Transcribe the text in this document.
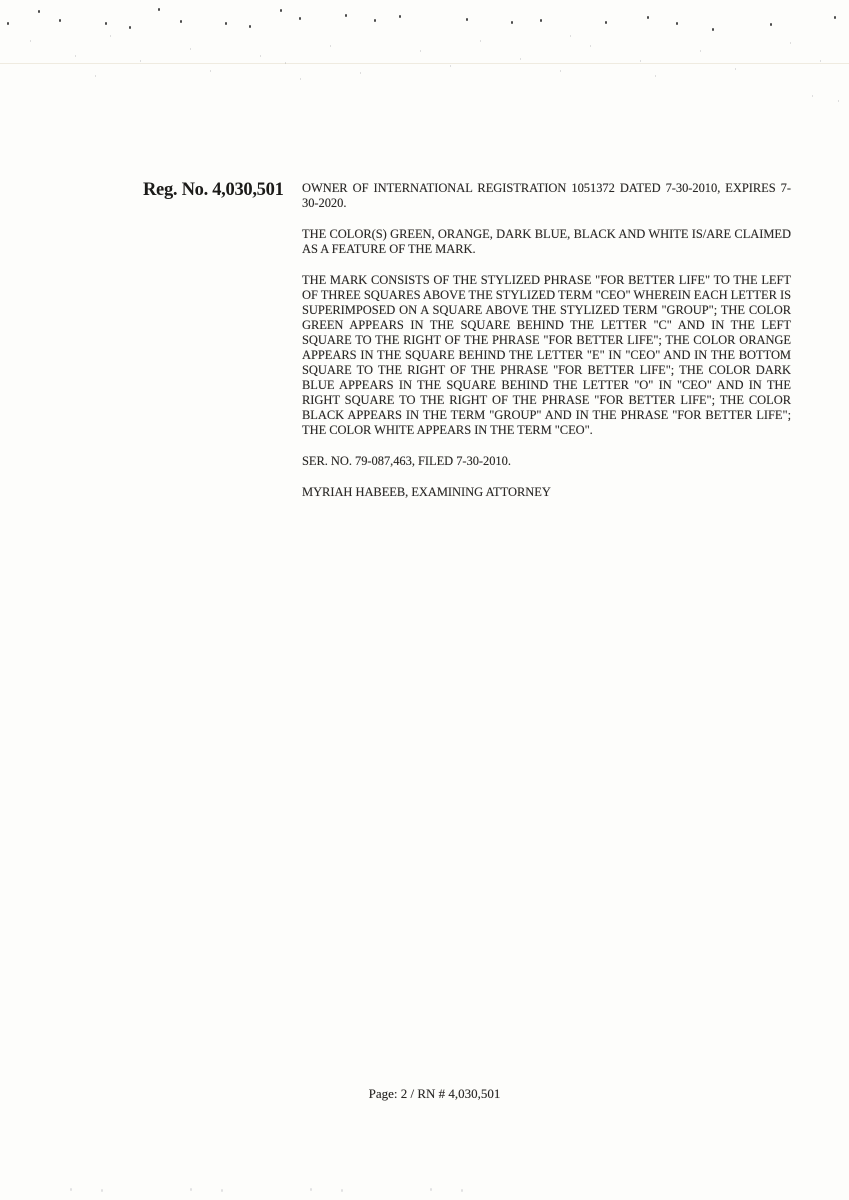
Reg. No. 4,030,501 OWNER OF INTERNATIONAL REGISTRATION 1051372 DATED 7-30-2010, EXPIRES 7-30-2020.

THE COLOR(S) GREEN, ORANGE, DARK BLUE, BLACK AND WHITE IS/ARE CLAIMED AS A FEATURE OF THE MARK.

THE MARK CONSISTS OF THE STYLIZED PHRASE "FOR BETTER LIFE" TO THE LEFT OF THREE SQUARES ABOVE THE STYLIZED TERM "CEO" WHEREIN EACH LETTER IS SUPERIMPOSED ON A SQUARE ABOVE THE STYLIZED TERM "GROUP"; THE COLOR GREEN APPEARS IN THE SQUARE BEHIND THE LETTER "C" AND IN THE LEFT SQUARE TO THE RIGHT OF THE PHRASE "FOR BETTER LIFE"; THE COLOR ORANGE APPEARS IN THE SQUARE BEHIND THE LETTER "E" IN "CEO" AND IN THE BOTTOM SQUARE TO THE RIGHT OF THE PHRASE "FOR BETTER LIFE"; THE COLOR DARK BLUE APPEARS IN THE SQUARE BEHIND THE LETTER "O" IN "CEO" AND IN THE RIGHT SQUARE TO THE RIGHT OF THE PHRASE "FOR BETTER LIFE"; THE COLOR BLACK APPEARS IN THE TERM "GROUP" AND IN THE PHRASE "FOR BETTER LIFE"; THE COLOR WHITE APPEARS IN THE TERM "CEO".

SER. NO. 79-087,463, FILED 7-30-2010.

MYRIAH HABEEB, EXAMINING ATTORNEY

Page: 2 / RN # 4,030,501
